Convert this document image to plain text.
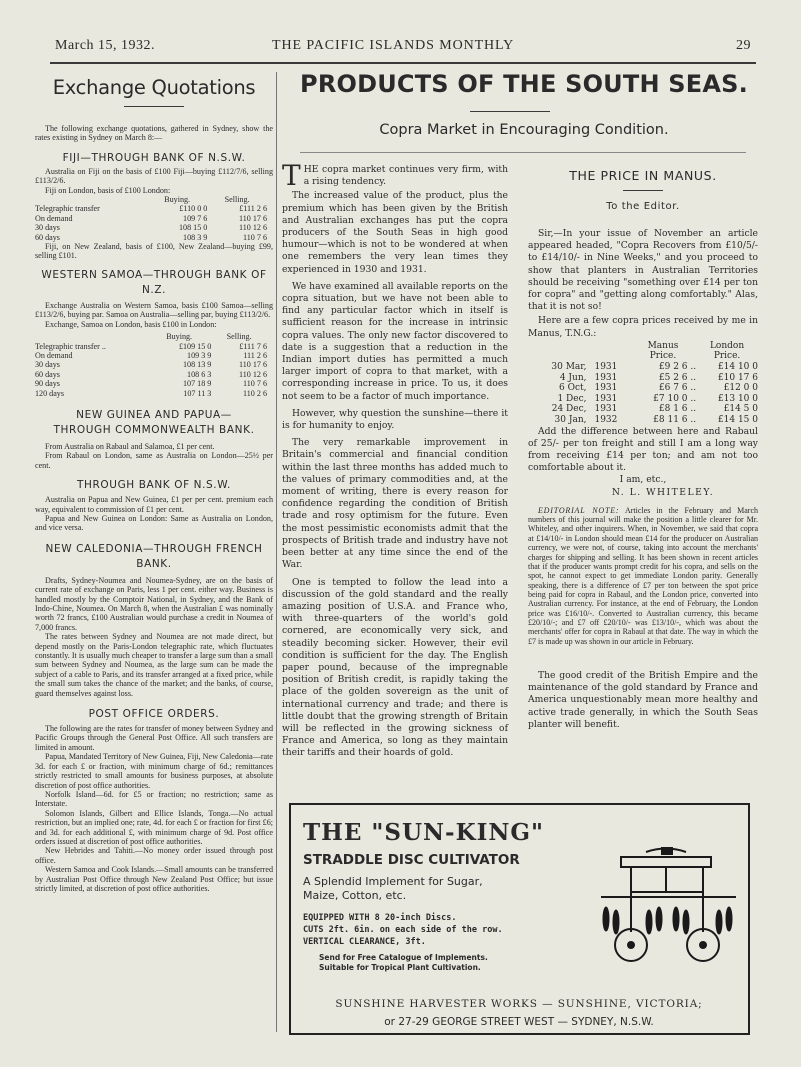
March 15, 1932.	THE PACIFIC ISLANDS MONTHLY	29
Exchange Quotations

The following exchange quotations, gathered in Sydney, show the rates existing in Sydney on March 8:—

FIJI—THROUGH BANK OF N.S.W.

Australia on Fiji on the basis of £100 Fiji—buying £112/7/6, selling £113/2/6.

Fiji on London, basis of £100 London:

	Buying.	Selling.
Telegraphic transfer	£110 0 0	£111 2 6
On demand	109 7 6	110 17 6
30 days	108 15 0	110 12 6
60 days	108 3 9	110 7 6

Fiji, on New Zealand, basis of £100, New Zealand—buying £99, selling £101.

WESTERN SAMOA—THROUGH BANK OF N.Z.

Exchange Australia on Western Samoa, basis £100 Samoa—selling £113/2/6, buying par. Samoa on Australia—selling par, buying £113/2/6.

Exchange, Samoa on London, basis £100 in London:

	Buying.	Selling.
Telegraphic transfer ..	£109 15 0	£111 7 6
On demand	109 3 9	111 2 6
30 days	108 13 9	110 17 6
60 days	108 6 3	110 12 6
90 days	107 18 9	110 7 6
120 days	107 11 3	110 2 6
NEW GUINEA AND PAPUA—THROUGH COMMONWEALTH BANK.

From Australia on Rabaul and Salamoa, £1 per cent.

From Rabaul on London, same as Australia on London—25½ per cent.

THROUGH BANK OF N.S.W.

Australia on Papua and New Guinea, £1 per per cent. premium each way, equivalent to commission of £1 per cent.

Papua and New Guinea on London: Same as Australia on London, and vice versa.

NEW CALEDONIA—THROUGH FRENCH BANK.

Drafts, Sydney-Noumea and Noumea-Sydney, are on the basis of current rate of exchange on Paris, less 1 per cent. either way. Business is handled mostly by the Comptoir National, in Sydney, and the Bank of Indo-Chine, Noumea. On March 8, when the Australian £ was nominally worth 72 francs, £100 Australian would purchase a credit in Noumea of 7,000 francs.

The rates between Sydney and Noumea are not made direct, but depend mostly on the Paris-London telegraphic rate, which fluctuates constantly. It is usually much cheaper to transfer a large sum than a small sum between Sydney and Noumea, as the large sum can be made the subject of a cable to Paris, and its transfer arranged at a fixed price, while the small sum takes the chance of the market; and the banks, of course, guard themselves against loss.

POST OFFICE ORDERS.

The following are the rates for transfer of money between Sydney and Pacific Groups through the General Post Office. All such transfers are limited in amount.

Papua, Mandated Territory of New Guinea, Fiji, New Caledonia—rate 3d. for each £ or fraction, with minimum charge of 6d.; remittances strictly restricted to small amounts for business purposes, at absolute discretion of post office authorities.

Norfolk Island—6d. for £5 or fraction; no restriction; same as Interstate.

Solomon Islands, Gilbert and Ellice Islands, Tonga.—No actual restriction, but an implied one; rate, 4d. for each £ or fraction for first £6; and 3d. for each additional £, with minimum charge of 9d. Post office orders issued at discretion of post office authorities.

New Hebrides and Tahiti.—No money order issued through post office.

Western Samoa and Cook Islands.—Small amounts can be transferred by Australian Post Office through New Zealand Post Office; but issue strictly limited, at discretion of post office authorities.

PRODUCTS OF THE SOUTH SEAS.
Copra Market in Encouraging Condition.

THE copra market continues very firm, with a rising tendency.

The increased value of the product, plus the premium which has been given by the British and Australian exchanges has put the copra producers of the South Seas in high good humour—which is not to be wondered at when one remembers the very lean times they experienced in 1930 and 1931.

We have examined all available reports on the copra situation, but we have not been able to find any particular factor which in itself is sufficient reason for the increase in intrinsic copra values. The only new factor discovered to date is a suggestion that a reduction in the Indian import duties has permitted a much larger import of copra to that market, with a corresponding increase in price. To us, it does not seem to be a factor of much importance.

However, why question the sunshine—there it is for humanity to enjoy.

The very remarkable improvement in Britain's commercial and financial condition within the last three months has added much to the values of primary commodities and, at the moment of writing, there is every reason for confidence regarding the condition of British trade and rosy optimism for the future. Even the most pessimistic economists admit that the prospects of British trade and industry have not been better at any time since the end of the War.

One is tempted to follow the lead into a discussion of the gold standard and the really amazing position of U.S.A. and France who, with three-quarters of the world's gold cornered, are economically very sick, and steadily becoming sicker. However, their evil condition is sufficient for the day. The English paper pound, because of the impregnable position of British credit, is rapidly taking the place of the golden sovereign as the unit of international currency and trade; and there is little doubt that the growing strength of Britain will be reflected in the growing sickness of France and America, so long as they maintain their tariffs and their hoards of gold.

THE PRICE IN MANUS.
To the Editor.

Sir,—In your issue of November an article appeared headed, "Copra Recovers from £10/5/- to £14/10/- in Nine Weeks," and you proceed to show that planters in Australian Territories should be receiving "something over £14 per ton for copra" and "getting along comfortably." Alas, that it is not so!

Here are a few copra prices received by me in Manus, T.N.G.:

		Manus	London
		Price.	Price.
30 Mar,	1931	£9 2 6 ..	£14 10 0
4 Jun,	1931	£5 2 6 ..	£10 17 6
6 Oct,	1931	£6 7 6 ..	£12 0 0
1 Dec,	1931	£7 10 0 ..	£13 10 0
24 Dec,	1931	£8 1 6 ..	£14 5 0
30 Jan,	1932	£8 11 6 ..	£14 15 0

Add the difference between here and Rabaul of 25/- per ton freight and still I am a long way from receiving £14 per ton; and am not too comfortable about it.

I am, etc.,

N. L. WHITELEY.

EDITORIAL NOTE: Articles in the February and March numbers of this journal will make the position a little clearer for Mr. Whiteley, and other inquirers. When, in November, we said that copra at £14/10/- in London should mean £14 for the producer on Australian currency, we were not, of course, taking into account the merchants' charges for shipping and selling. It has been shown in recent articles that if the producer wants prompt credit for his copra, and sells on the spot, he cannot expect to get immediate London parity. Generally speaking, there is a difference of £7 per ton between the spot price being paid for copra in Rabaul, and the London price, converted into Australian currency. For instance, at the end of February, the London price was £16/10/-. Converted to Australian currency, this became £20/10/-; and £7 off £20/10/- was £13/10/-, which was about the merchants' offer for copra in Rabaul at that date. The way in which the £7 is made up was shown in our article in February.

The good credit of the British Empire and the maintenance of the gold standard by France and America unquestionably mean more healthy and active trade generally, in which the South Seas planter will benefit.

THE "SUN-KING"
STRADDLE DISC CULTIVATOR
A Splendid Implement for Sugar,
Maize, Cotton, etc.
EQUIPPED WITH 8 20-inch Discs.
CUTS 2ft. 6in. on each side of the row.
VERTICAL CLEARANCE, 3ft.
Send for Free Catalogue of Implements.
Suitable for Tropical Plant Cultivation.
SUNSHINE HARVESTER WORKS — SUNSHINE, VICTORIA;
or 27-29 GEORGE STREET WEST — SYDNEY, N.S.W.
